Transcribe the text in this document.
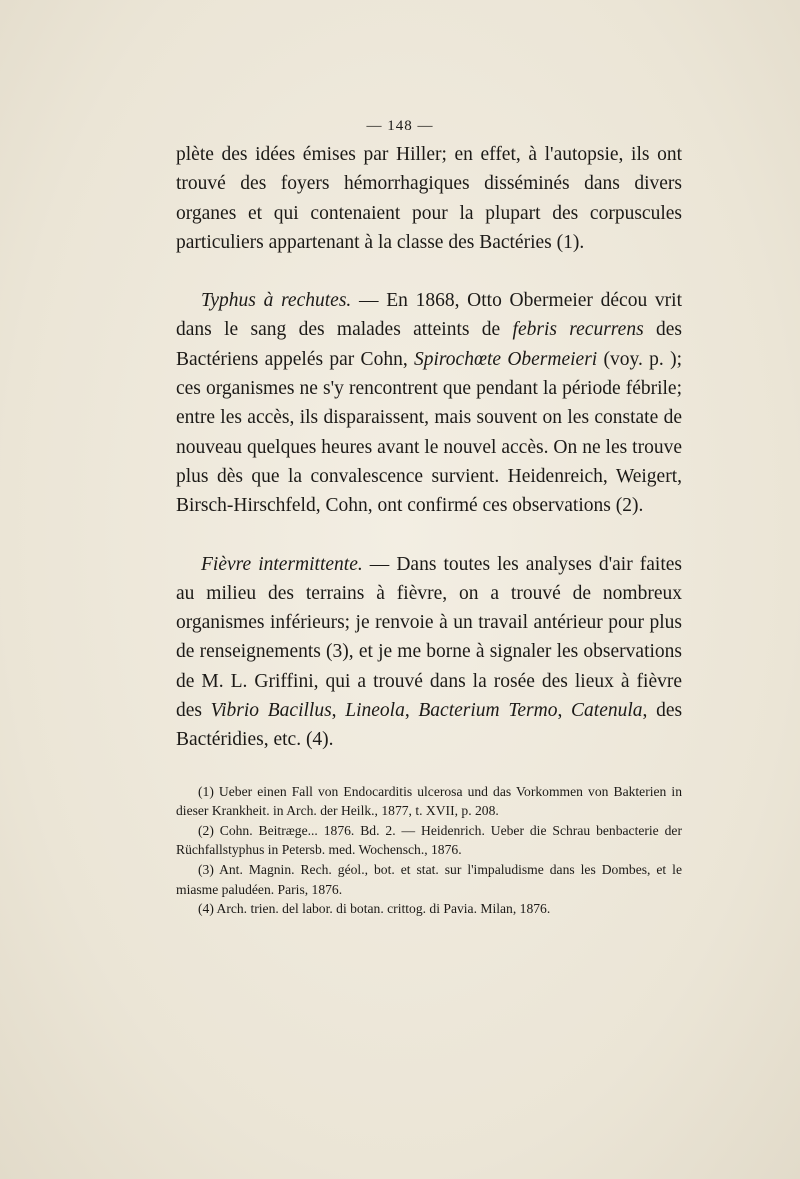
— 148 —

plète des idées émises par Hiller; en effet, à l'autopsie, ils ont trouvé des foyers hémorrhagiques disséminés dans divers organes et qui contenaient pour la plupart des corpuscules particuliers appartenant à la classe des Bactéries (1).

Typhus à rechutes. — En 1868, Otto Obermeier décou vrit dans le sang des malades atteints de febris recurrens des Bactériens appelés par Cohn, Spirochœte Obermeieri (voy. p. ); ces organismes ne s'y rencontrent que pendant la période fébrile; entre les accès, ils disparaissent, mais souvent on les constate de nouveau quelques heures avant le nouvel accès. On ne les trouve plus dès que la convalescence survient. Heidenreich, Weigert, Birsch-Hirschfeld, Cohn, ont confirmé ces observations (2).

Fièvre intermittente. — Dans toutes les analyses d'air faites au milieu des terrains à fièvre, on a trouvé de nombreux organismes inférieurs; je renvoie à un travail antérieur pour plus de renseignements (3), et je me borne à signaler les observations de M. L. Griffini, qui a trouvé dans la rosée des lieux à fièvre des Vibrio Bacillus, Lineola, Bacterium Termo, Catenula, des Bactéridies, etc. (4).

(1) Ueber einen Fall von Endocarditis ulcerosa und das Vorkommen von Bakterien in dieser Krankheit. in Arch. der Heilk., 1877, t. XVII, p. 208.

(2) Cohn. Beitræge... 1876. Bd. 2. — Heidenrich. Ueber die Schrau benbacterie der Rüchfallstyphus in Petersb. med. Wochensch., 1876.

(3) Ant. Magnin. Rech. géol., bot. et stat. sur l'impaludisme dans les Dombes, et le miasme paludéen. Paris, 1876.

(4) Arch. trien. del labor. di botan. crittog. di Pavia. Milan, 1876.
